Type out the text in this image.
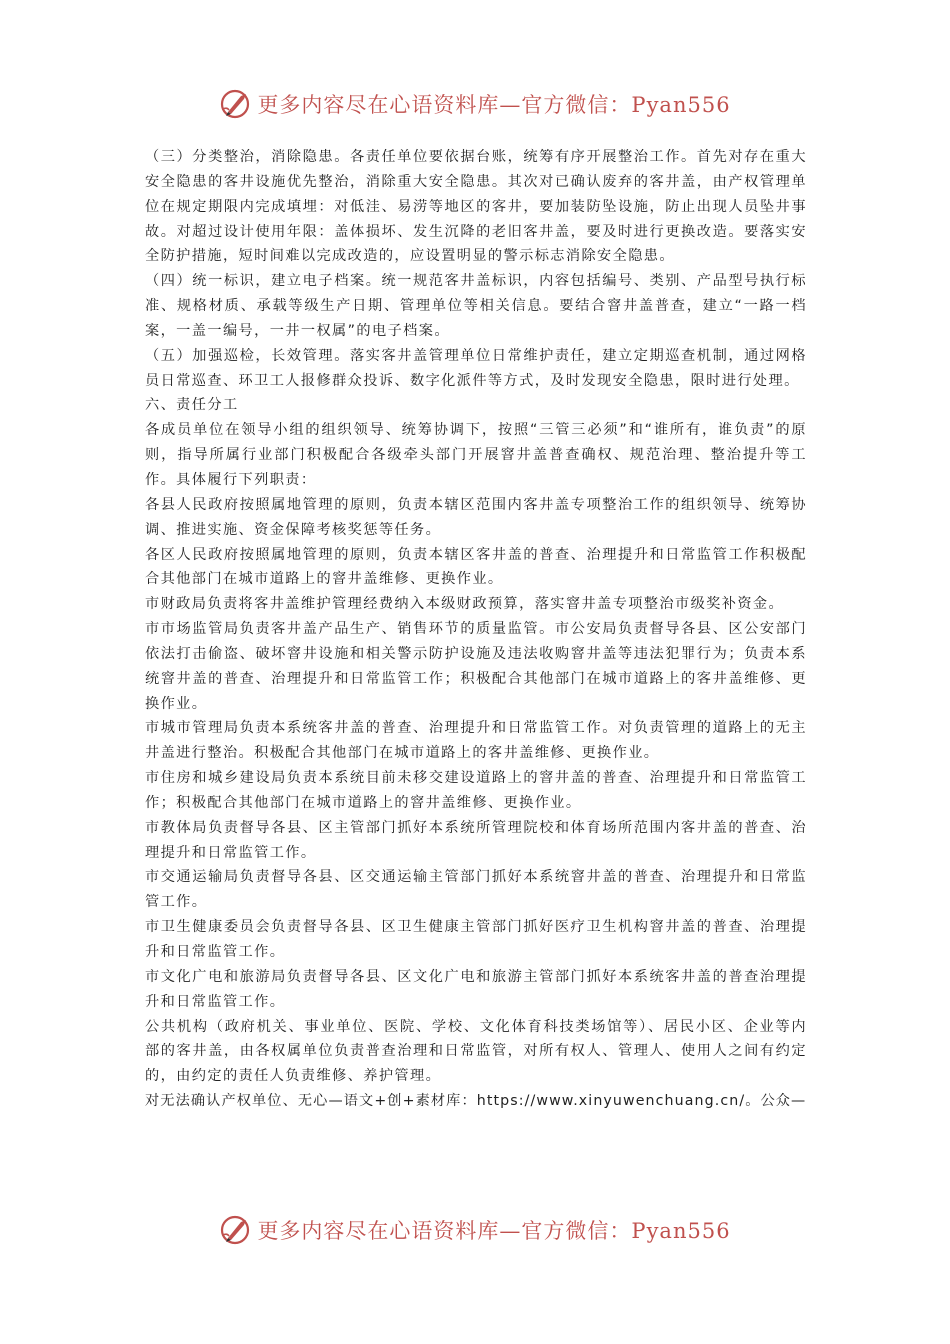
更多内容尽在心语资料库—官方微信：Pyan556

（三）分类整治，消除隐患。各责任单位要依据台账，统筹有序开展整治工作。首先对存在重大安全隐患的客井设施优先整治，消除重大安全隐患。其次对已确认废弃的客井盖，由产权管理单位在规定期限内完成填埋：对低洼、易涝等地区的客井，要加装防坠设施，防止出现人员坠井事故。对超过设计使用年限：盖体损坏、发生沉降的老旧客井盖，要及时进行更换改造。要落实安全防护措施，短时间难以完成改造的，应设置明显的警示标志消除安全隐患。

（四）统一标识，建立电子档案。统一规范客井盖标识，内容包括编号、类别、产品型号执行标准、规格材质、承载等级生产日期、管理单位等相关信息。要结合窨井盖普查，建立“一路一档案，一盖一编号，一井一权属”的电子档案。

（五）加强巡检，长效管理。落实客井盖管理单位日常维护责任，建立定期巡查机制，通过网格员日常巡查、环卫工人报修群众投诉、数字化派件等方式，及时发现安全隐患，限时进行处理。

六、责任分工

各成员单位在领导小组的组织领导、统筹协调下，按照“三管三必须”和“谁所有，谁负责”的原则，指导所属行业部门积极配合各级牵头部门开展窨井盖普查确权、规范治理、整治提升等工作。具体履行下列职责：

各县人民政府按照属地管理的原则，负责本辖区范围内客井盖专项整治工作的组织领导、统筹协调、推进实施、资金保障考核奖惩等任务。

各区人民政府按照属地管理的原则，负责本辖区客井盖的普查、治理提升和日常监管工作积极配合其他部门在城市道路上的窨井盖维修、更换作业。

市财政局负责将客井盖维护管理经费纳入本级财政预算，落实窨井盖专项整治市级奖补资金。

市市场监管局负责客井盖产品生产、销售环节的质量监管。市公安局负责督导各县、区公安部门依法打击偷盗、破坏窨井设施和相关警示防护设施及违法收购窨井盖等违法犯罪行为；负责本系统窨井盖的普查、治理提升和日常监管工作；积极配合其他部门在城市道路上的客井盖维修、更换作业。

市城市管理局负责本系统客井盖的普查、治理提升和日常监管工作。对负责管理的道路上的无主井盖进行整治。积极配合其他部门在城市道路上的客井盖维修、更换作业。

市住房和城乡建设局负责本系统目前未移交建设道路上的窨井盖的普查、治理提升和日常监管工作；积极配合其他部门在城市道路上的窨井盖维修、更换作业。

市教体局负责督导各县、区主管部门抓好本系统所管理院校和体育场所范围内客井盖的普查、治理提升和日常监管工作。

市交通运输局负责督导各县、区交通运输主管部门抓好本系统窨井盖的普查、治理提升和日常监管工作。

市卫生健康委员会负责督导各县、区卫生健康主管部门抓好医疗卫生机构窨井盖的普查、治理提升和日常监管工作。

市文化广电和旅游局负责督导各县、区文化广电和旅游主管部门抓好本系统客井盖的普查治理提升和日常监管工作。

公共机构（政府机关、事业单位、医院、学校、文化体育科技类场馆等）、居民小区、企业等内部的客井盖，由各权属单位负责普查治理和日常监管，对所有权人、管理人、使用人之间有约定的，由约定的责任人负责维修、养护管理。

对无法确认产权单位、无心—语文+创+素材库：https://www.xinyuwenchuang.cn/。公众—

更多内容尽在心语资料库—官方微信：Pyan556
